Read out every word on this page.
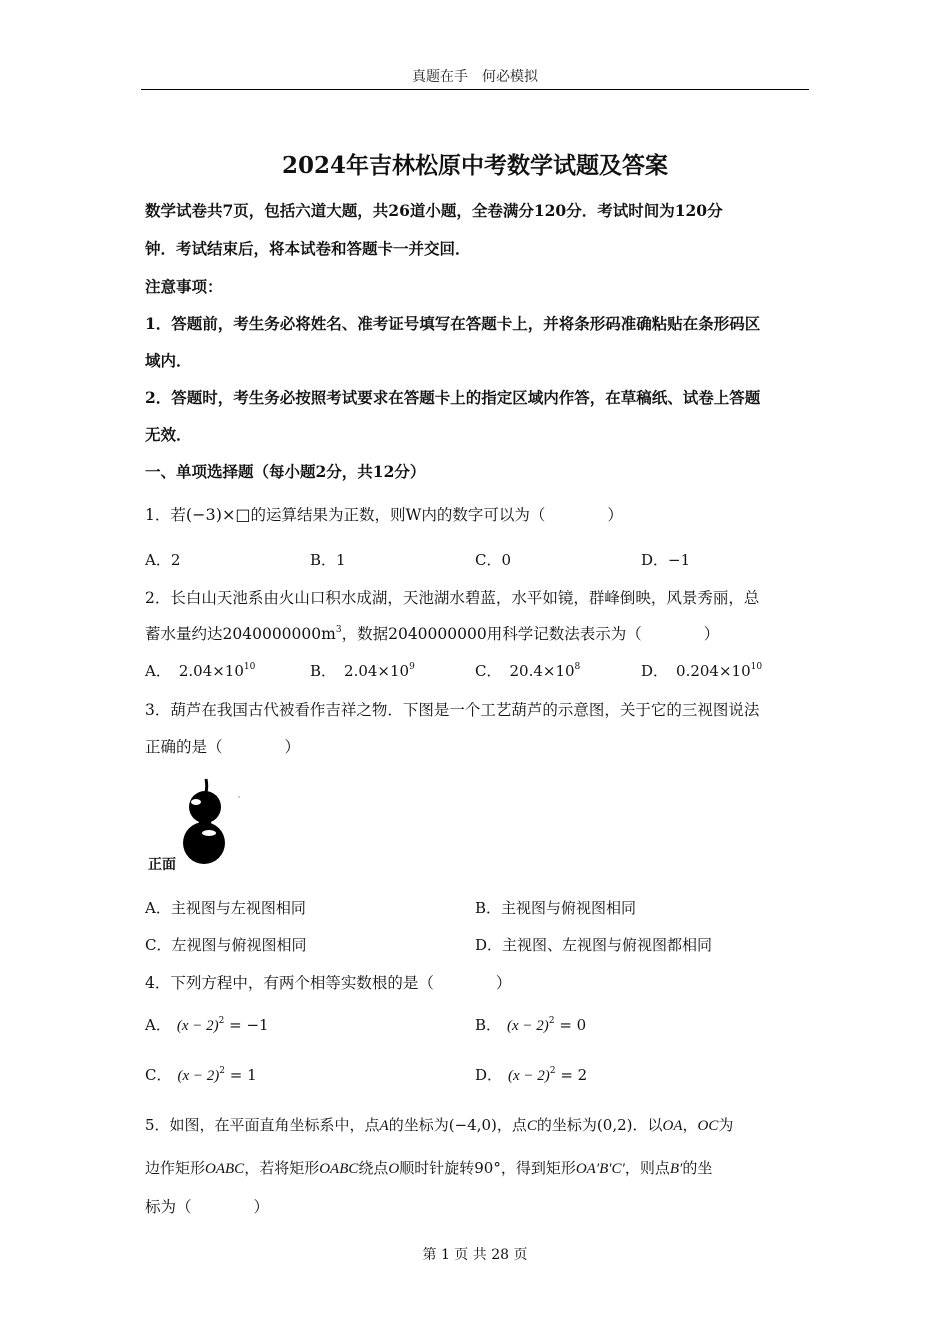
真题在手　何必模拟
2024年吉林松原中考数学试题及答案
数学试卷共7页，包括六道大题，共26道小题，全卷满分120分．考试时间为120分
钟．考试结束后，将本试卷和答题卡一并交回．
注意事项：
1．答题前，考生务必将姓名、准考证号填写在答题卡上，并将条形码准确粘贴在条形码区
域内．
2．答题时，考生务必按照考试要求在答题卡上的指定区域内作答，在草稿纸、试卷上答题
无效．
一、单项选择题（每小题2分，共12分）
1．若(−3)×□的运算结果为正数，则W内的数字可以为（　　　　）
A．2	B．1	C．0	D．−1
2．长白山天池系由火山口积水成湖，天池湖水碧蓝，水平如镜，群峰倒映，风景秀丽，总
蓄水量约达$2040000000m^3$，数据2040000000用科学记数法表示为（　　　　）
A． $2.04\times 10^{10}$	B． $2.04\times 10^9$	C． $20.4\times 10^8$	D． $0.204\times 10^{10}$
3．葫芦在我国古代被看作吉祥之物．下图是一个工艺葫芦的示意图，关于它的三视图说法
正确的是（　　　　）
正面
A．主视图与左视图相同	B．主视图与俯视图相同
C．左视图与俯视图相同	D．主视图、左视图与俯视图都相同
4．下列方程中，有两个相等实数根的是（　　　　）
A． $(x - 2)^2 = -1$	B． $(x - 2)^2 = 0$
C． $(x - 2)^2 = 1$	D． $(x - 2)^2 = 2$
5．如图，在平面直角坐标系中，点A的坐标为(−4,0)，点C的坐标为(0,2)．以OA，OC为
边作矩形OABC，若将矩形OABC绕点O顺时针旋转90°，得到矩形OA′B′C′，则点B′的坐
标为（　　　　）
第 1 页 共 28 页
